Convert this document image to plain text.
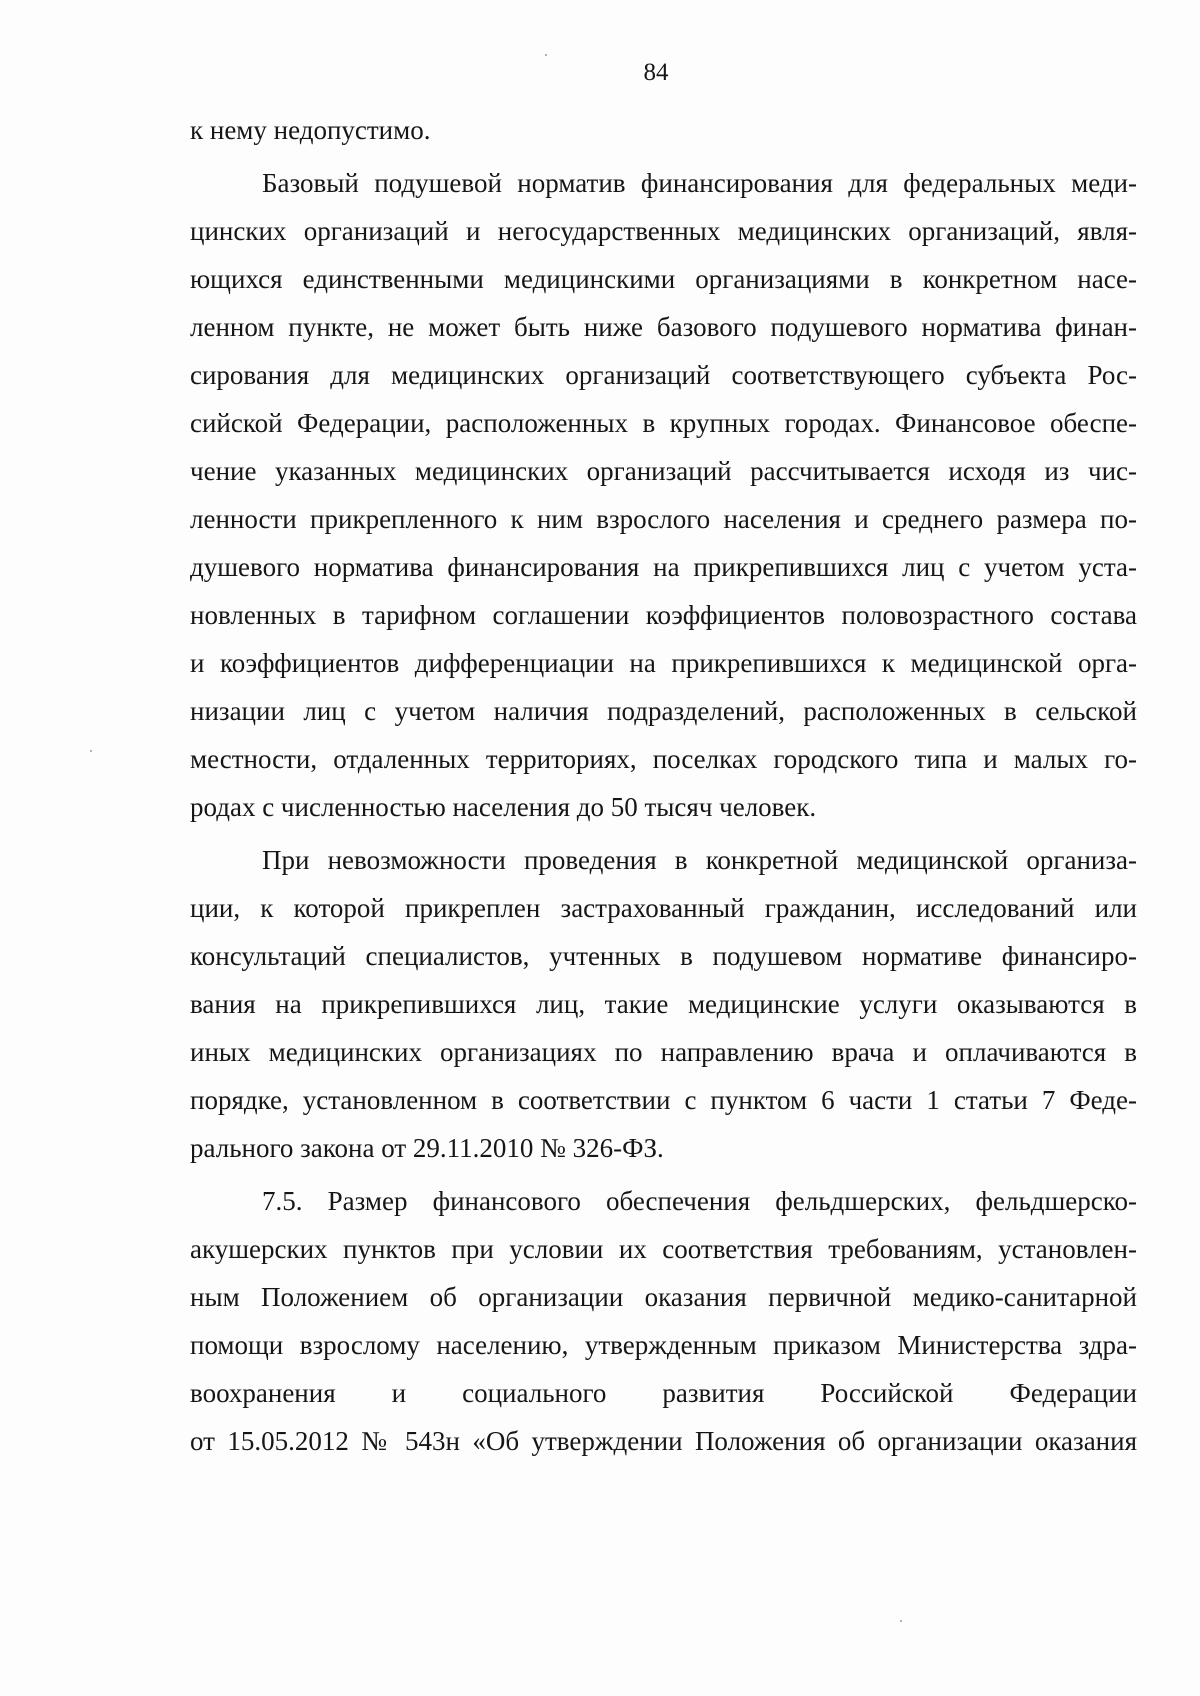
84
к нему недопустимо.
Базовый подушевой норматив финансирования для федеральных меди-
цинских организаций и негосударственных медицинских организаций, явля-
ющихся единственными медицинскими организациями в конкретном насе-
ленном пункте, не может быть ниже базового подушевого норматива финан-
сирования для медицинских организаций соответствующего субъекта Рос-
сийской Федерации, расположенных в крупных городах. Финансовое обеспе-
чение указанных медицинских организаций рассчитывается исходя из чис-
ленности прикрепленного к ним взрослого населения и среднего размера по-
душевого норматива финансирования на прикрепившихся лиц с учетом уста-
новленных в тарифном соглашении коэффициентов половозрастного состава
и коэффициентов дифференциации на прикрепившихся к медицинской орга-
низации лиц с учетом наличия подразделений, расположенных в сельской
местности, отдаленных территориях, поселках городского типа и малых го-
родах с численностью населения до 50 тысяч человек.
При невозможности проведения в конкретной медицинской организа-
ции, к которой прикреплен застрахованный гражданин, исследований или
консультаций специалистов, учтенных в подушевом нормативе финансиро-
вания на прикрепившихся лиц, такие медицинские услуги оказываются в
иных медицинских организациях по направлению врача и оплачиваются в
порядке, установленном в соответствии с пунктом 6 части 1 статьи 7 Феде-
рального закона от 29.11.2010 № 326-ФЗ.
7.5. Размер финансового обеспечения фельдшерских, фельдшерско-
акушерских пунктов при условии их соответствия требованиям, установлен-
ным Положением об организации оказания первичной медико-санитарной
помощи взрослому населению, утвержденным приказом Министерства здра-
воохранения и социального развития Российской Федерации
от 15.05.2012 № 543н «Об утверждении Положения об организации оказания
